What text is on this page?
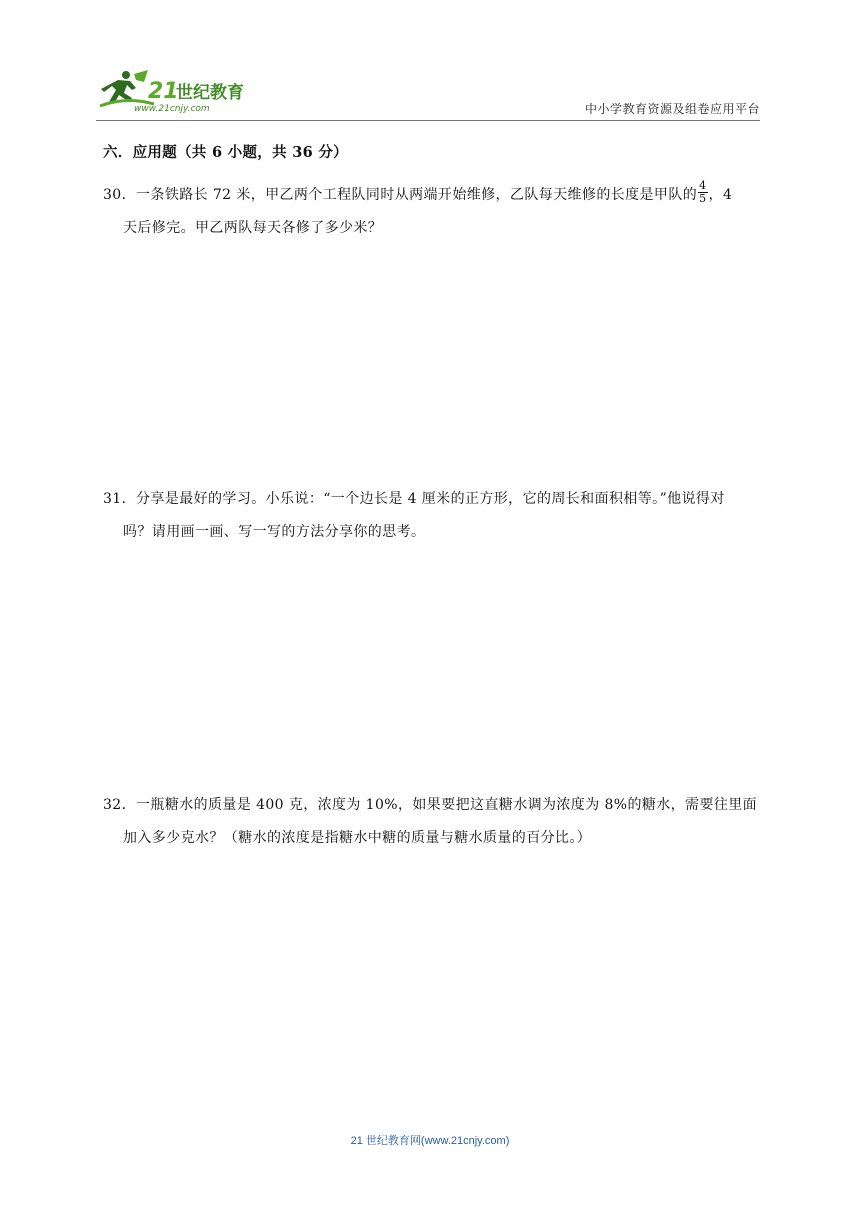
21
世纪教育
www.21cnjy.com	中小学教育资源及组卷应用平台
六．应用题（共 6 小题，共 36 分）
30．一条铁路长 72 米，甲乙两个工程队同时从两端开始维修，乙队每天维修的长度是甲队的 $\frac{4}{5}$ ，4
天后修完。甲乙两队每天各修了多少米？
31．分享是最好的学习。小乐说：“一个边长是 4 厘米的正方形，它的周长和面积相等。”他说得对
吗？请用画一画、写一写的方法分享你的思考。
32．一瓶糖水的质量是 400 克，浓度为 10%，如果要把这直糖水调为浓度为 8%的糖水，需要往里面
加入多少克水？（糖水的浓度是指糖水中糖的质量与糖水质量的百分比。）
21 世纪教育网(www.21cnjy.com)
